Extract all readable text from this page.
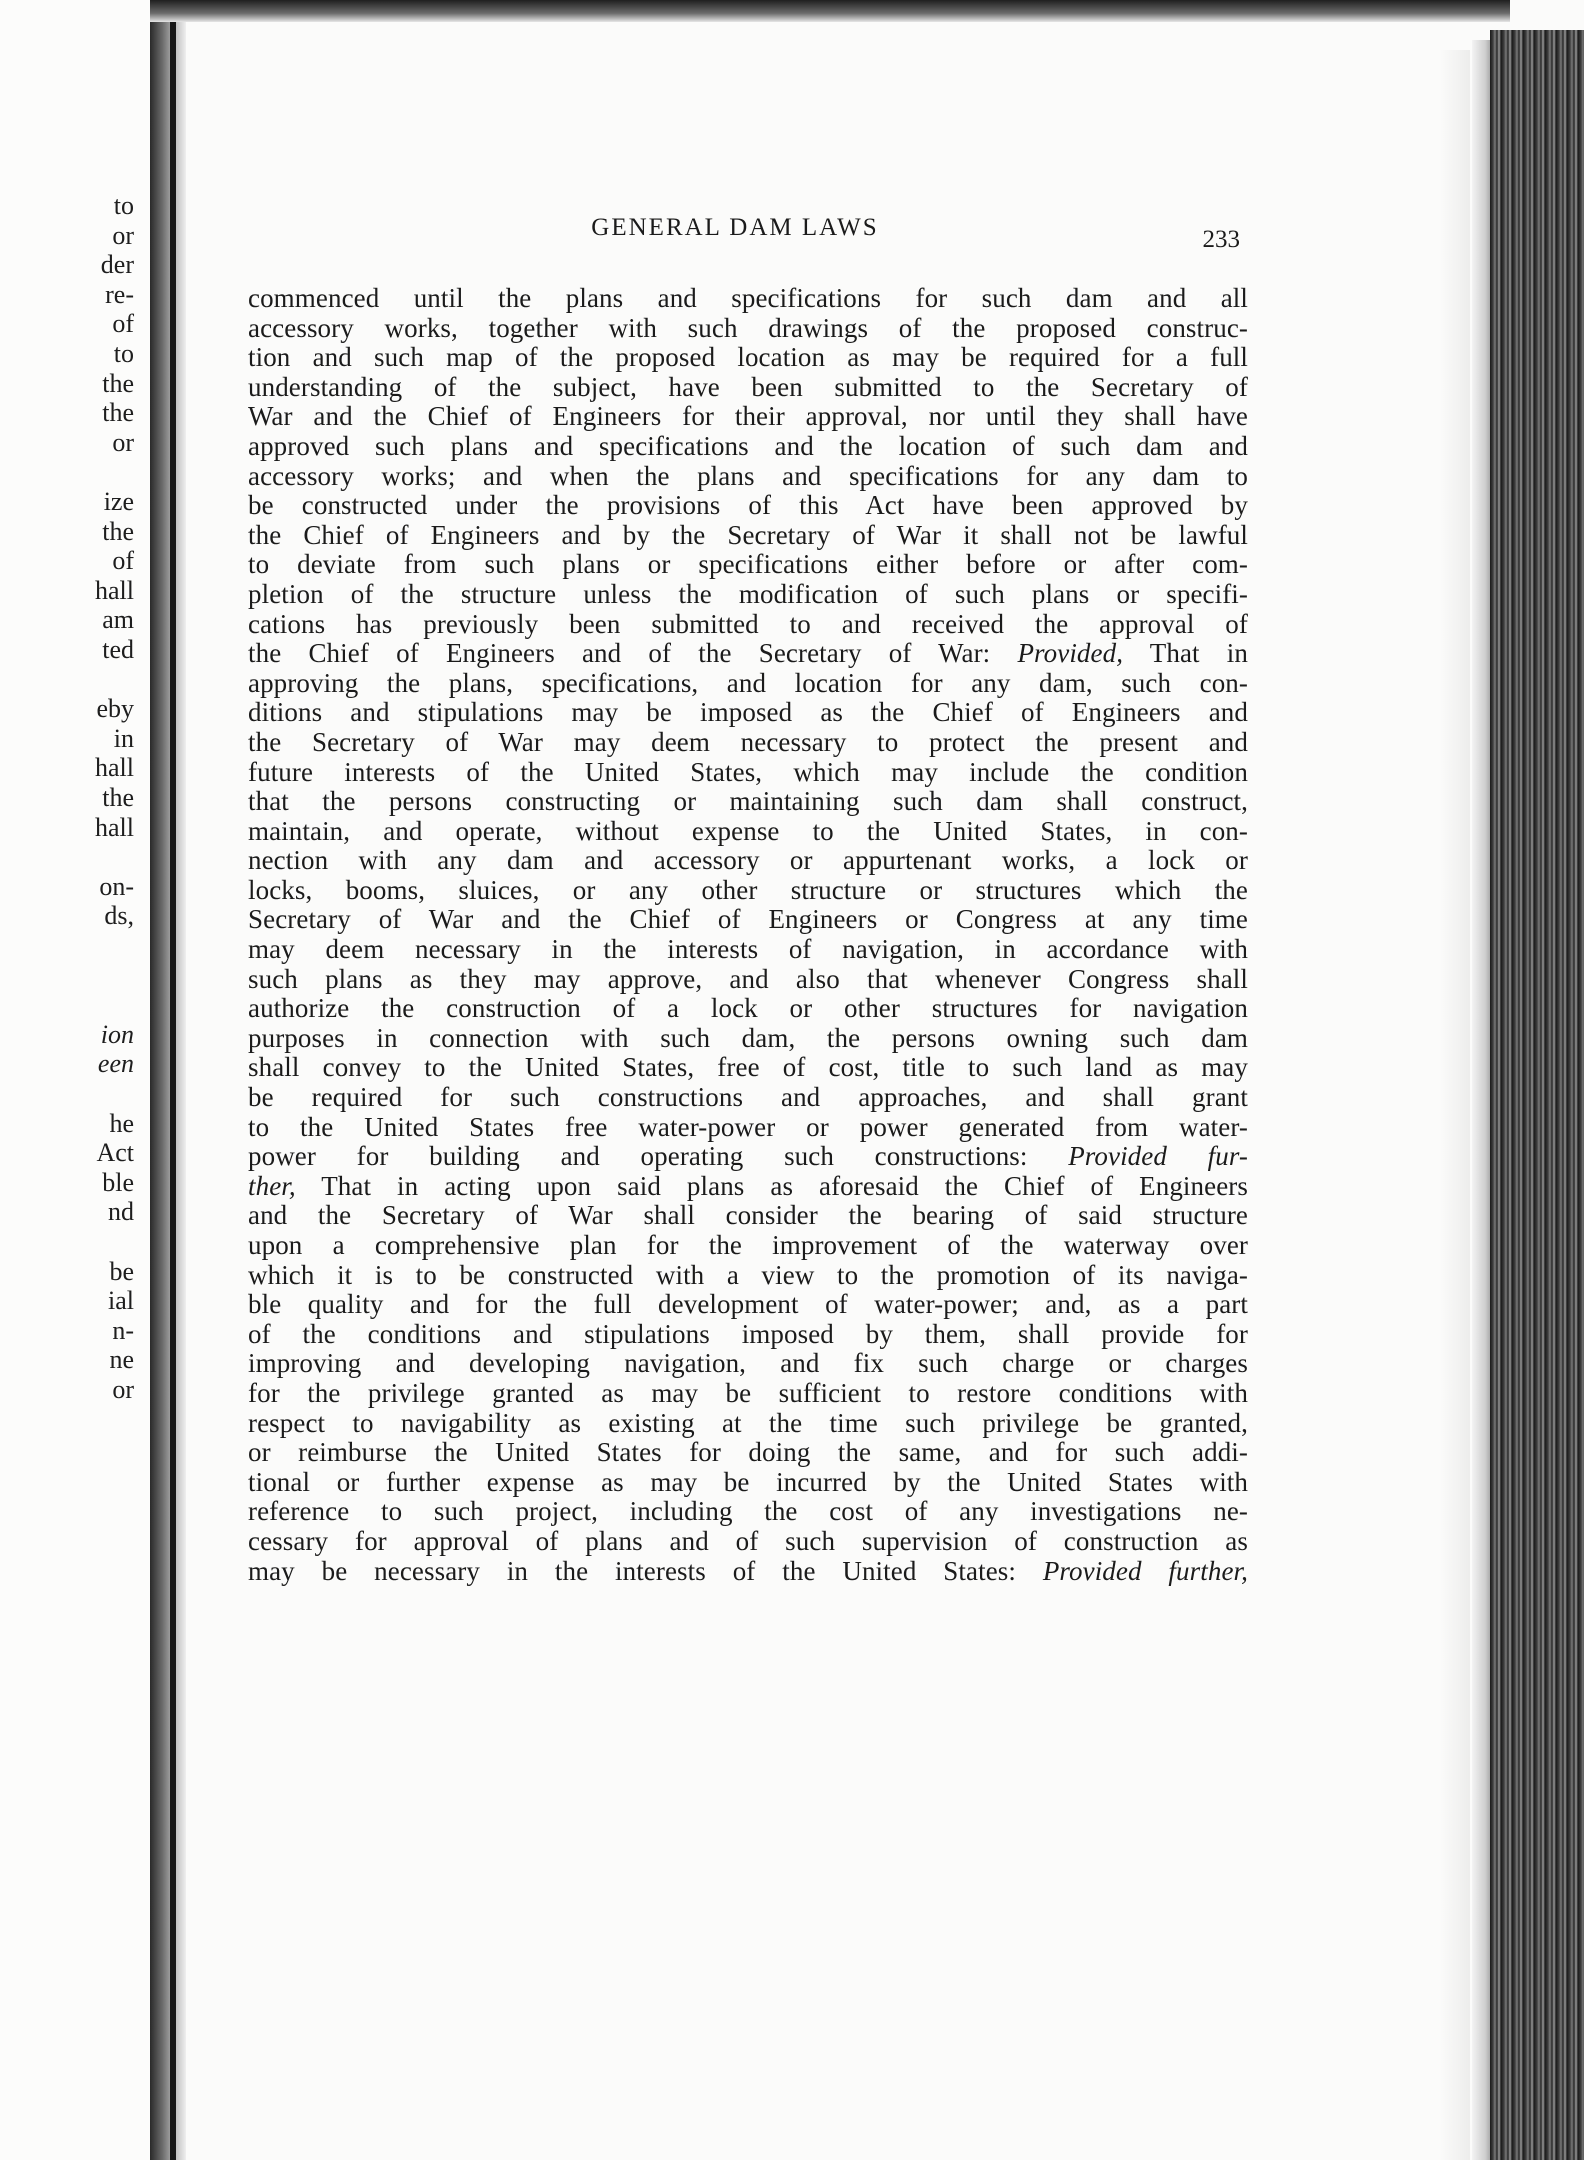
to
or
der
re-
of
to
the
the
or
ize
the
of
hall
am
ted
eby
in
hall
the
hall
on-
ds,
ion
een
he
Act
ble
nd
be
ial
n-
ne
or
GENERAL DAM LAWS	233
commenced until the plans and specifications for such dam and all
accessory works, together with such drawings of the proposed construc-
tion and such map of the proposed location as may be required for a full
understanding of the subject, have been submitted to the Secretary of
War and the Chief of Engineers for their approval, nor until they shall have
approved such plans and specifications and the location of such dam and
accessory works; and when the plans and specifications for any dam to
be constructed under the provisions of this Act have been approved by
the Chief of Engineers and by the Secretary of War it shall not be lawful
to deviate from such plans or specifications either before or after com-
pletion of the structure unless the modification of such plans or specifi-
cations has previously been submitted to and received the approval of
the Chief of Engineers and of the Secretary of War: Provided, That in
approving the plans, specifications, and location for any dam, such con-
ditions and stipulations may be imposed as the Chief of Engineers and
the Secretary of War may deem necessary to protect the present and
future interests of the United States, which may include the condition
that the persons constructing or maintaining such dam shall construct,
maintain, and operate, without expense to the United States, in con-
nection with any dam and accessory or appurtenant works, a lock or
locks, booms, sluices, or any other structure or structures which the
Secretary of War and the Chief of Engineers or Congress at any time
may deem necessary in the interests of navigation, in accordance with
such plans as they may approve, and also that whenever Congress shall
authorize the construction of a lock or other structures for navigation
purposes in connection with such dam, the persons owning such dam
shall convey to the United States, free of cost, title to such land as may
be required for such constructions and approaches, and shall grant
to the United States free water-power or power generated from water-
power for building and operating such constructions: Provided fur-
ther, That in acting upon said plans as aforesaid the Chief of Engineers
and the Secretary of War shall consider the bearing of said structure
upon a comprehensive plan for the improvement of the waterway over
which it is to be constructed with a view to the promotion of its naviga-
ble quality and for the full development of water-power; and, as a part
of the conditions and stipulations imposed by them, shall provide for
improving and developing navigation, and fix such charge or charges
for the privilege granted as may be sufficient to restore conditions with
respect to navigability as existing at the time such privilege be granted,
or reimburse the United States for doing the same, and for such addi-
tional or further expense as may be incurred by the United States with
reference to such project, including the cost of any investigations ne-
cessary for approval of plans and of such supervision of construction as
may be necessary in the interests of the United States: Provided further,
